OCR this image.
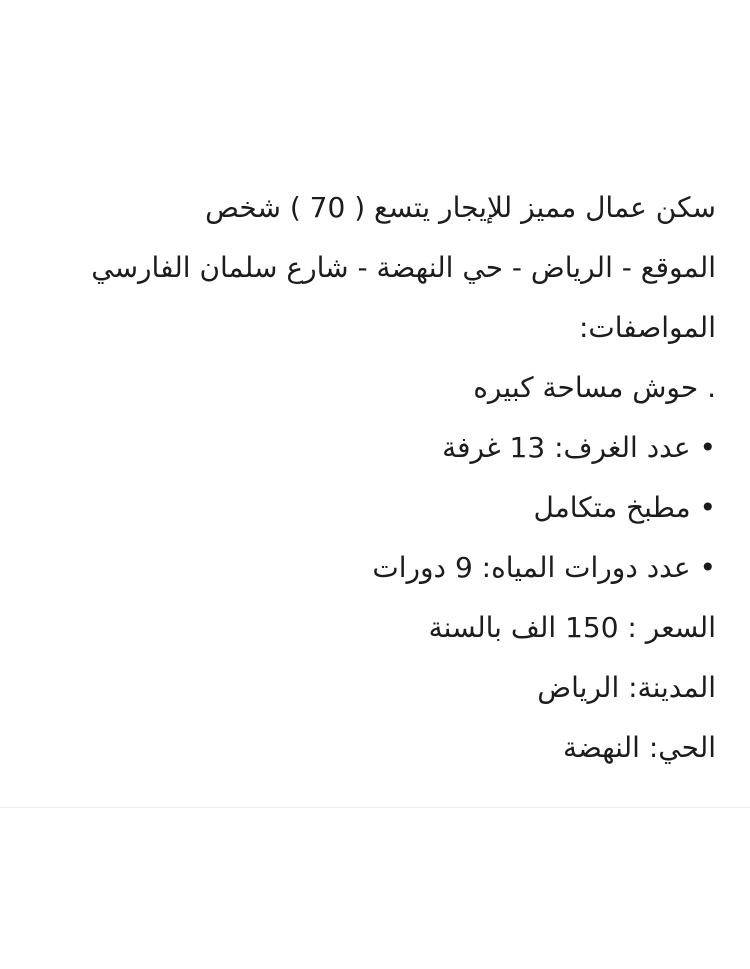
سكن عمال مميز للإيجار يتسع ( 70 ) شخص
الموقع - الرياض - حي النهضة - شارع سلمان الفارسي
المواصفات:
. حوش مساحة كبيره
• عدد الغرف: 13 غرفة
• مطبخ متكامل
• عدد دورات المياه: 9 دورات
السعر : 150 الف بالسنة
المدينة: الرياض
الحي: النهضة
